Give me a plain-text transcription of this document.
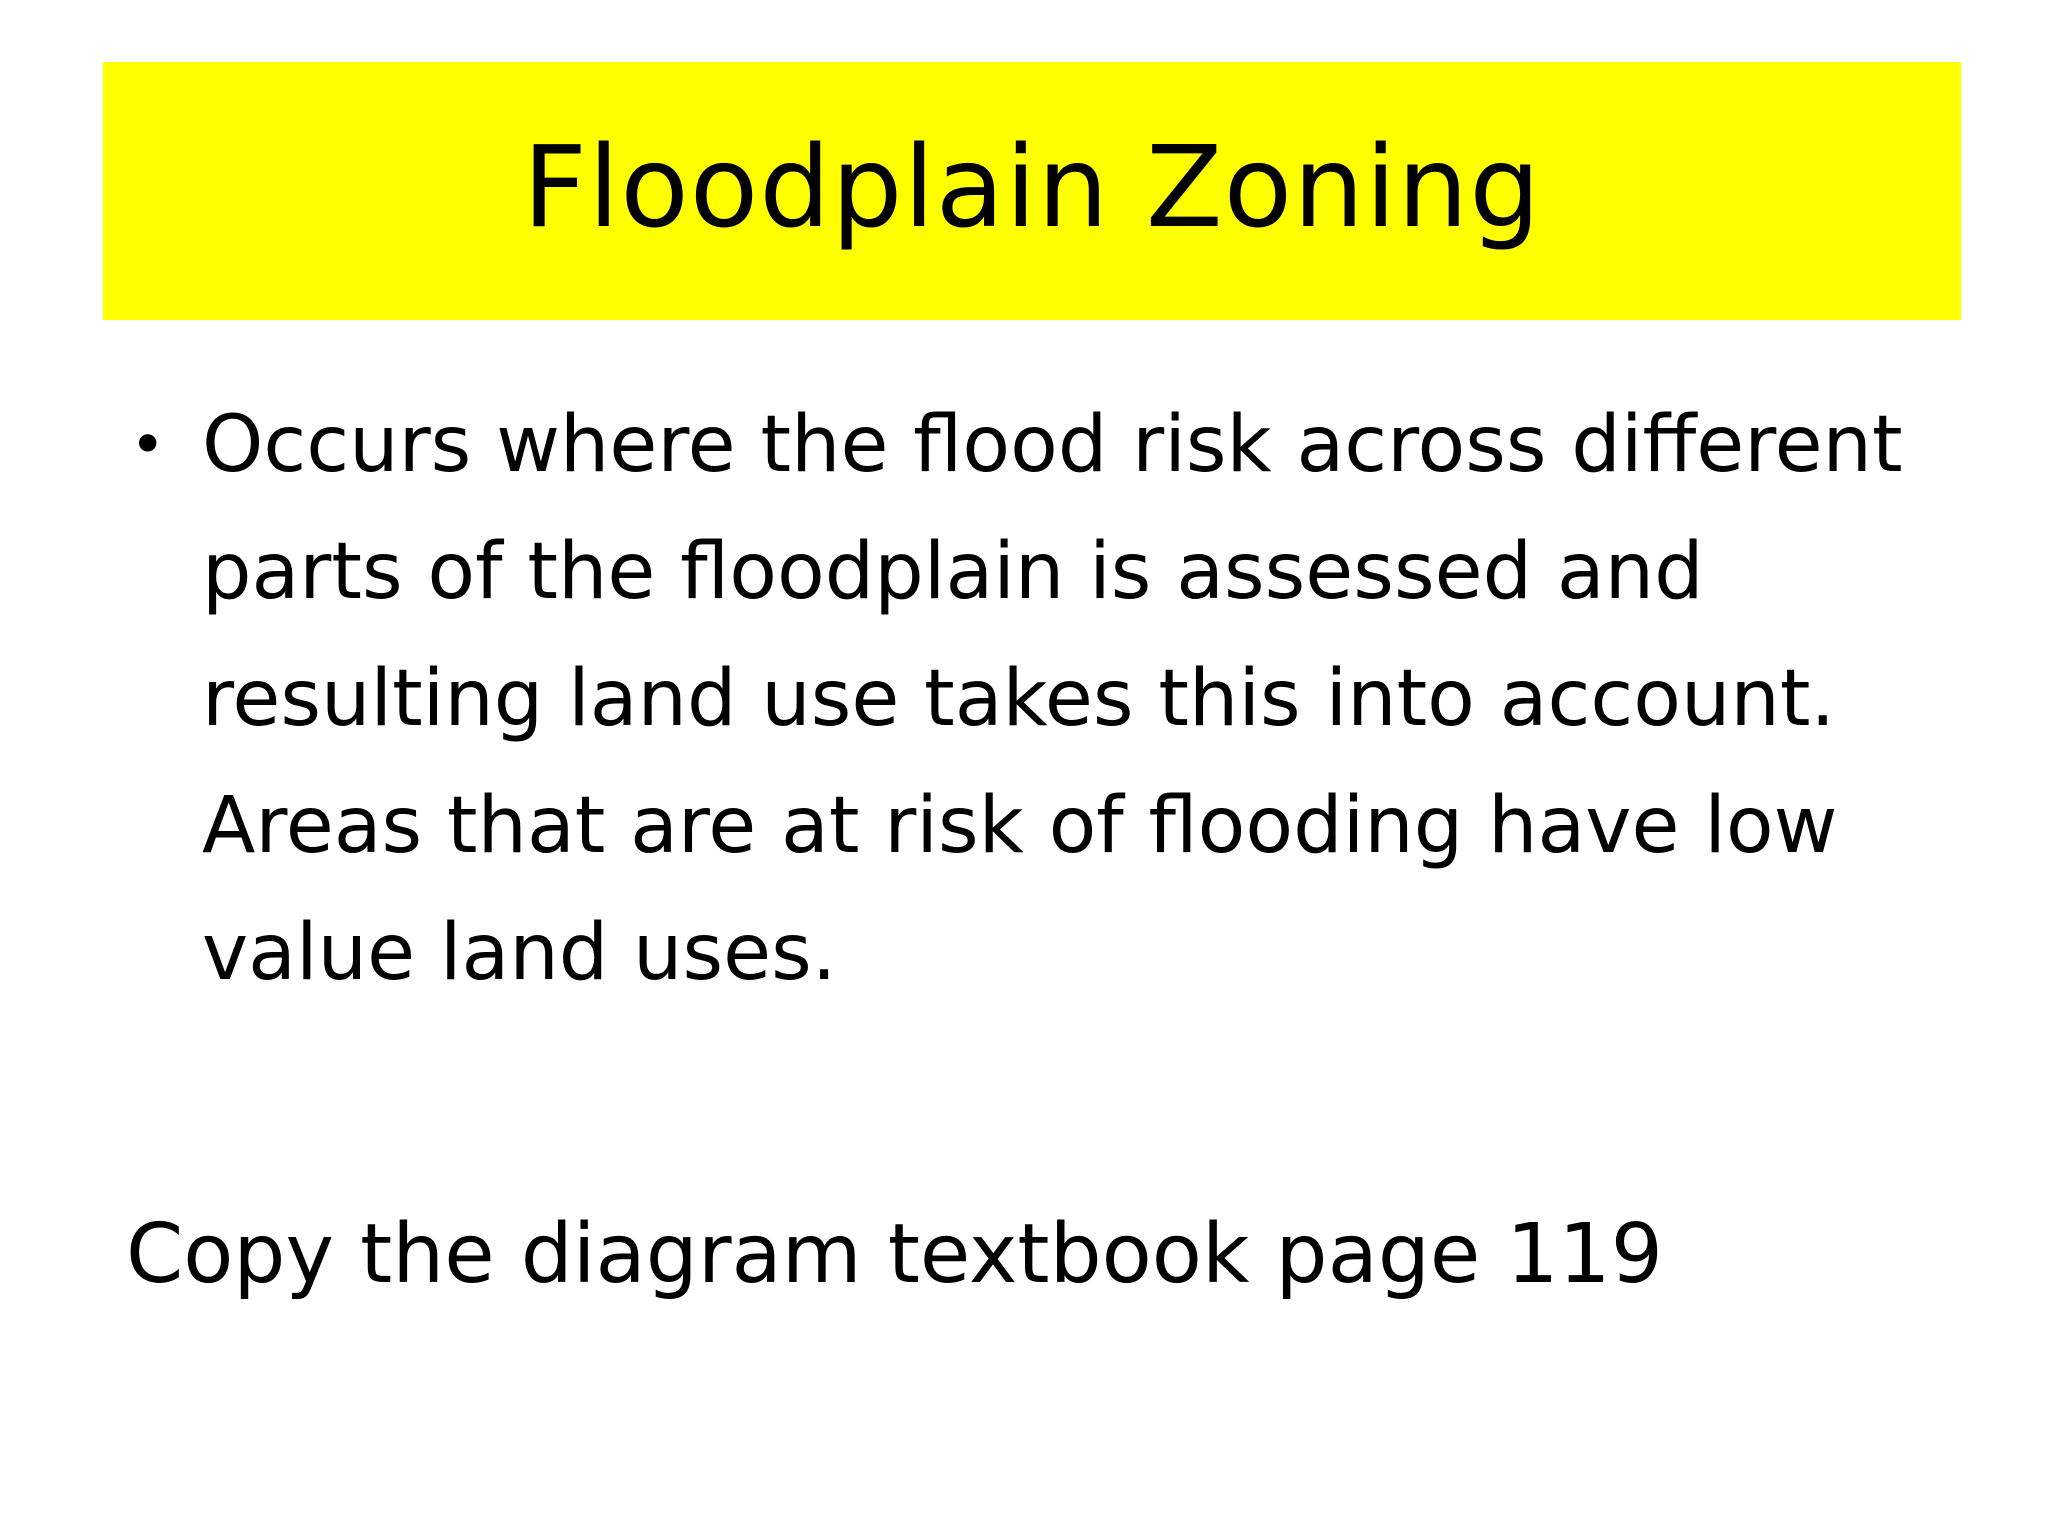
Floodplain Zoning
• Occurs where the flood risk across different parts of the floodplain is assessed and resulting land use takes this into account. Areas that are at risk of flooding have low value land uses.
Copy the diagram textbook page 119
